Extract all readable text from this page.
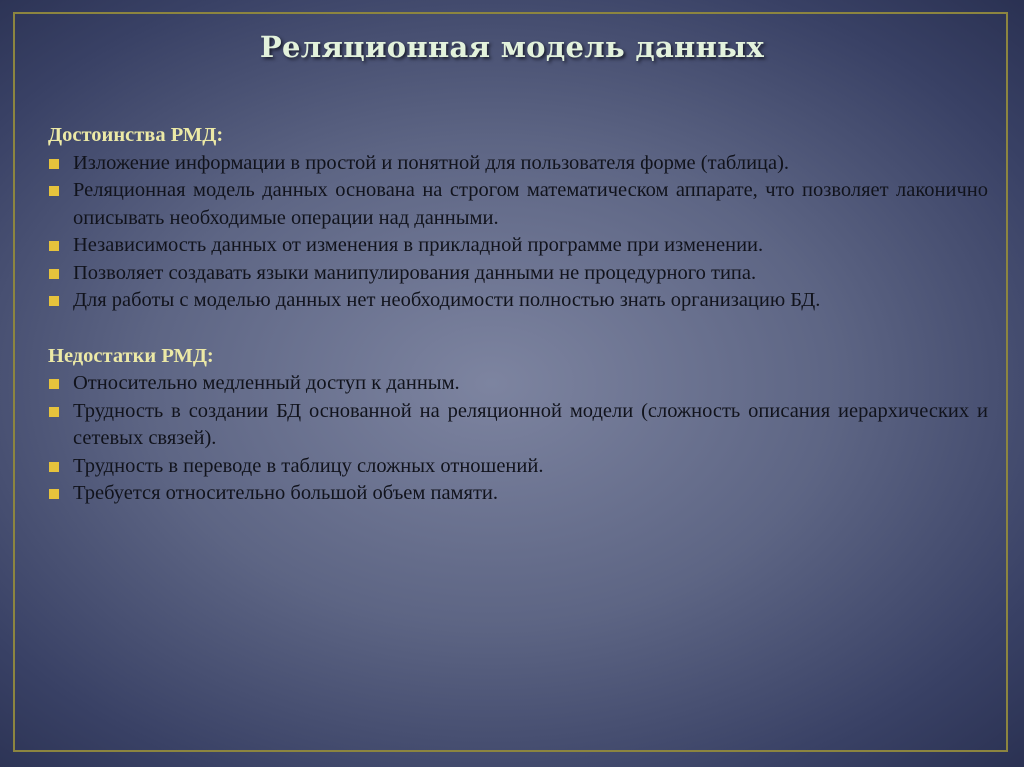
Реляционная модель данных

Достоинства РМД:

Изложение информации в простой и понятной для пользователя форме (таблица).
Реляционная модель данных основана на строгом математическом аппарате, что позволяет лаконично описывать необходимые операции над данными.
Независимость данных от изменения в прикладной программе при изменении.
Позволяет создавать языки манипулирования данными не процедурного типа.
Для работы с моделью данных нет необходимости полностью знать организацию БД.

Недостатки РМД:

Относительно медленный доступ к данным.
Трудность в создании БД основанной на реляционной модели (сложность описания иерархических и сетевых связей).
Трудность в переводе в таблицу сложных отношений.
Требуется относительно большой объем памяти.
